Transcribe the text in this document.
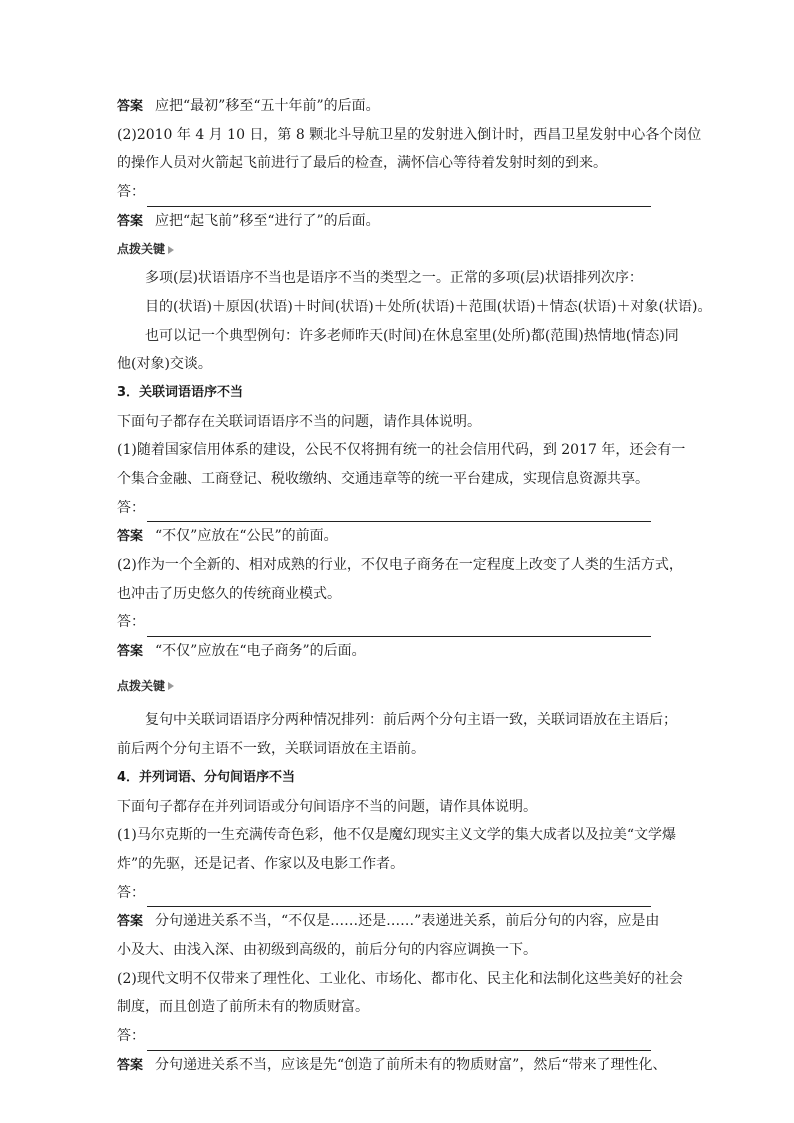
答案 应把“最初”移至“五十年前”的后面。
(2)2010 年 4 月 10 日，第 8 颗北斗导航卫星的发射进入倒计时，西昌卫星发射中心各个岗位
的操作人员对火箭起飞前进行了最后的检查，满怀信心等待着发射时刻的到来。
答：
答案 应把“起飞前”移至“进行了”的后面。
点拨关键
多项(层)状语语序不当也是语序不当的类型之一。正常的多项(层)状语排列次序：
目的(状语)＋原因(状语)＋时间(状语)＋处所(状语)＋范围(状语)＋情态(状语)＋对象(状语)。
也可以记一个典型例句：许多老师昨天(时间)在休息室里(处所)都(范围)热情地(情态)同
他(对象)交谈。
3．关联词语语序不当
下面句子都存在关联词语语序不当的问题，请作具体说明。
(1)随着国家信用体系的建设，公民不仅将拥有统一的社会信用代码，到 2017 年，还会有一
个集合金融、工商登记、税收缴纳、交通违章等的统一平台建成，实现信息资源共享。
答：
答案 “不仅”应放在“公民”的前面。
(2)作为一个全新的、相对成熟的行业，不仅电子商务在一定程度上改变了人类的生活方式，
也冲击了历史悠久的传统商业模式。
答：
答案 “不仅”应放在“电子商务”的后面。
点拨关键
复句中关联词语语序分两种情况排列：前后两个分句主语一致，关联词语放在主语后；
前后两个分句主语不一致，关联词语放在主语前。
4．并列词语、分句间语序不当
下面句子都存在并列词语或分句间语序不当的问题，请作具体说明。
(1)马尔克斯的一生充满传奇色彩，他不仅是魔幻现实主义文学的集大成者以及拉美“文学爆
炸”的先驱，还是记者、作家以及电影工作者。
答：
答案 分句递进关系不当，“不仅是……还是……”表递进关系，前后分句的内容，应是由
小及大、由浅入深、由初级到高级的，前后分句的内容应调换一下。
(2)现代文明不仅带来了理性化、工业化、市场化、都市化、民主化和法制化这些美好的社会
制度，而且创造了前所未有的物质财富。
答：
答案 分句递进关系不当，应该是先“创造了前所未有的物质财富”，然后“带来了理性化、
